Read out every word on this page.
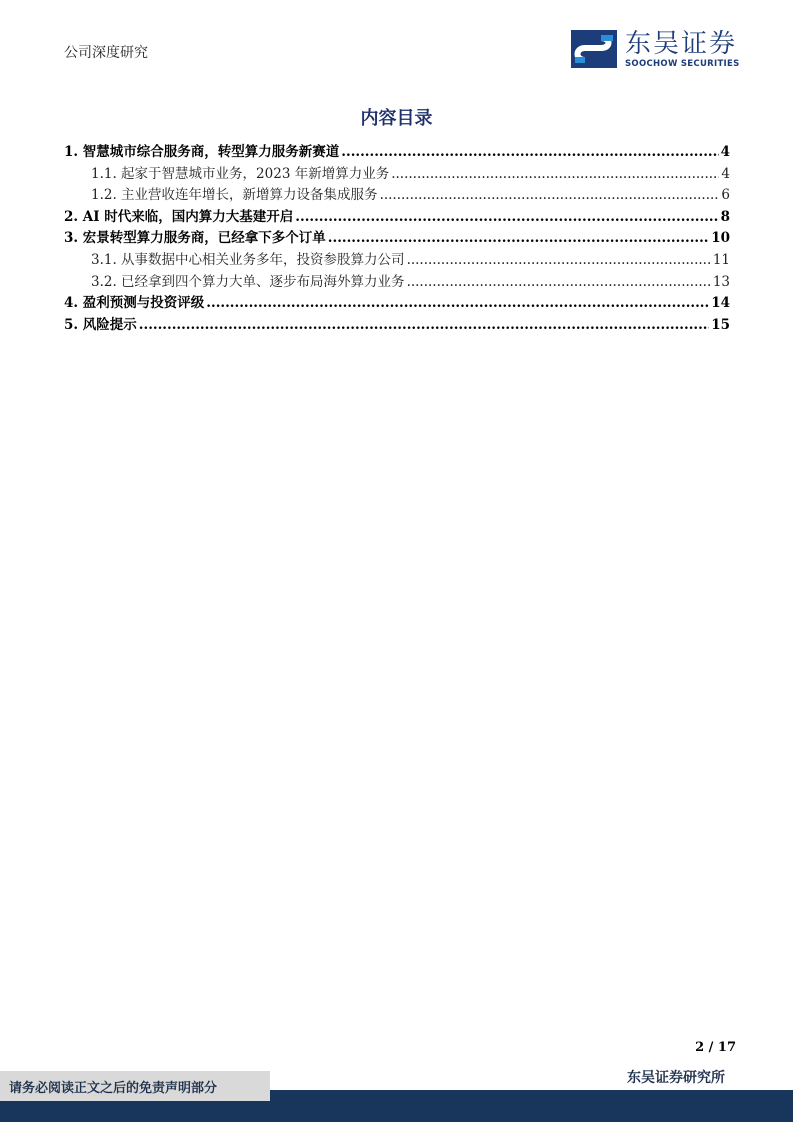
公司深度研究	东吴证券
SOOCHOW SECURITIES
内容目录
1. 智慧城市综合服务商，转型算力服务新赛道 .....	4
1.1. 起家于智慧城市业务，2023 年新增算力业务 .....	4
1.2. 主业营收连年增长，新增算力设备集成服务 .....	6
2. AI 时代来临，国内算力大基建开启 .....	8
3. 宏景转型算力服务商，已经拿下多个订单 .....	10
3.1. 从事数据中心相关业务多年，投资参股算力公司 .....	11
3.2. 已经拿到四个算力大单、逐步布局海外算力业务 .....	13
4. 盈利预测与投资评级 .....	14
5. 风险提示 .....	15
2 / 17
东吴证券研究所
请务必阅读正文之后的免责声明部分
